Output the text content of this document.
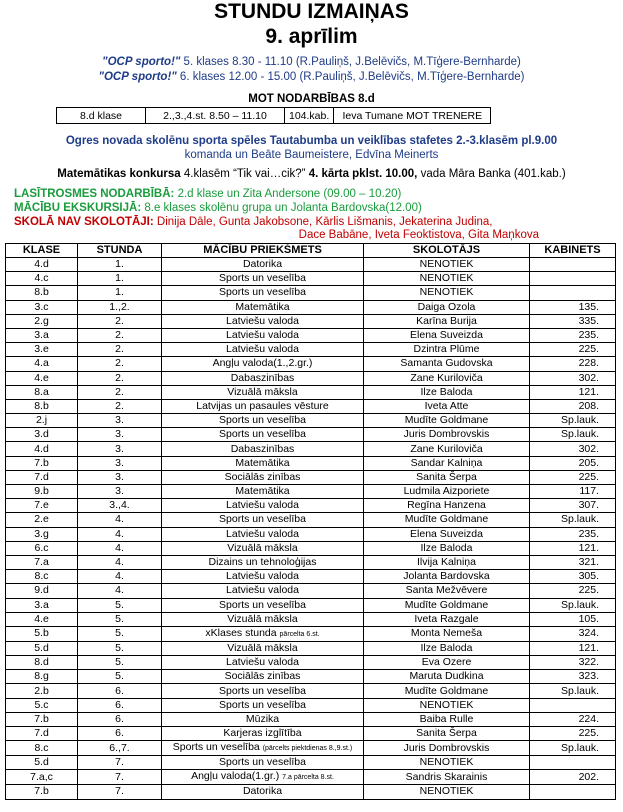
STUNDU IZMAIŅAS
9. aprīlim
"OCP sporto!" 5. klases 8.30 - 11.10 (R.Pauliņš, J.Belēvičs, M.Tīģere-Bernharde)
"OCP sporto!" 6. klases 12.00 - 15.00 (R.Pauliņš, J.Belēvičs, M.Tīģere-Bernharde)
MOT NODARBĪBAS 8.d
8.d klase	2.,3.,4.st. 8.50 – 11.10	104.kab.	Ieva Tumane MOT TRENERE
Ogres novada skolēnu sporta spēles Tautabumba un veiklības stafetes 2.-3.klasēm pl.9.00
komanda un Beāte Baumeistere, Edvīna Meinerts
Matemātikas konkursa 4.klasēm “Tik vai…cik?” 4. kārta pklst. 10.00, vada Māra Banka (401.kab.)
LASĪTROSMES NODARBĪBĀ: 2.d klase un Zita Andersone (09.00 – 10.20)
MĀCĪBU EKSKURSIJĀ: 8.e klases skolēnu grupa un Jolanta Bardovska(12.00)
SKOLĀ NAV SKOLOTĀJI: Dinija Dāle, Gunta Jakobsone, Kārlis Lišmanis, Jekaterina Judina,
Dace Babāne, Iveta Feoktistova, Gita Maņkova
KLASE	STUNDA	MĀCĪBU PRIEKŠMETS	SKOLOTĀJS	KABINETS
4.d	1.	Datorika	NENOTIEK	
4.c	1.	Sports un veselība	NENOTIEK	
8.b	1.	Sports un veselība	NENOTIEK	
3.c	1.,2.	Matemātika	Daiga Ozola	135.
2.g	2.	Latviešu valoda	Karīna Burija	335.
3.a	2.	Latviešu valoda	Elena Suveizda	235.
3.e	2.	Latviešu valoda	Dzintra Plūme	225.
4.a	2.	Angļu valoda(1.,2.gr.)	Samanta Gudovska	228.
4.e	2.	Dabaszinības	Zane Kuriloviča	302.
8.a	2.	Vizuālā māksla	Ilze Baloda	121.
8.b	2.	Latvijas un pasaules vēsture	Iveta Atte	208.
2.j	3.	Sports un veselība	Mudīte Goldmane	Sp.lauk.
3.d	3.	Sports un veselība	Juris Dombrovskis	Sp.lauk.
4.d	3.	Dabaszinības	Zane Kuriloviča	302.
7.b	3.	Matemātika	Sandar Kalniņa	205.
7.d	3.	Sociālās zinības	Sanita Šerpa	225.
9.b	3.	Matemātika	Ludmila Aizporiete	117.
7.e	3.,4.	Latviešu valoda	Regīna Hanzena	307.
2.e	4.	Sports un veselība	Mudīte Goldmane	Sp.lauk.
3.g	4.	Latviešu valoda	Elena Suveizda	235.
6.c	4.	Vizuālā māksla	Ilze Baloda	121.
7.a	4.	Dizains un tehnoloģijas	Ilvija Kalniņa	321.
8.c	4.	Latviešu valoda	Jolanta Bardovska	305.
9.d	4.	Latviešu valoda	Santa Mežvēvere	225.
3.a	5.	Sports un veselība	Mudīte Goldmane	Sp.lauk.
4.e	5.	Vizuālā māksla	Iveta Razgale	105.
5.b	5.	xKlases stunda pārcelta 6.st.	Monta Nemeša	324.
5.d	5.	Vizuālā māksla	Ilze Baloda	121.
8.d	5.	Latviešu valoda	Eva Ozere	322.
8.g	5.	Sociālās zinības	Maruta Dudkina	323.
2.b	6.	Sports un veselība	Mudīte Goldmane	Sp.lauk.
5.c	6.	Sports un veselība	NENOTIEK	
7.b	6.	Mūzika	Baiba Rulle	224.
7.d	6.	Karjeras izglītība	Sanita Šerpa	225.
8.c	6.,7.	Sports un veselība (pārcelts piektdienas 8.,9.st.)	Juris Dombrovskis	Sp.lauk.
5.d	7.	Sports un veselība	NENOTIEK	
7.a,c	7.	Angļu valoda(1.gr.) 7.a pārcelta 8.st.	Sandris Skarainis	202.
7.b	7.	Datorika	NENOTIEK	
